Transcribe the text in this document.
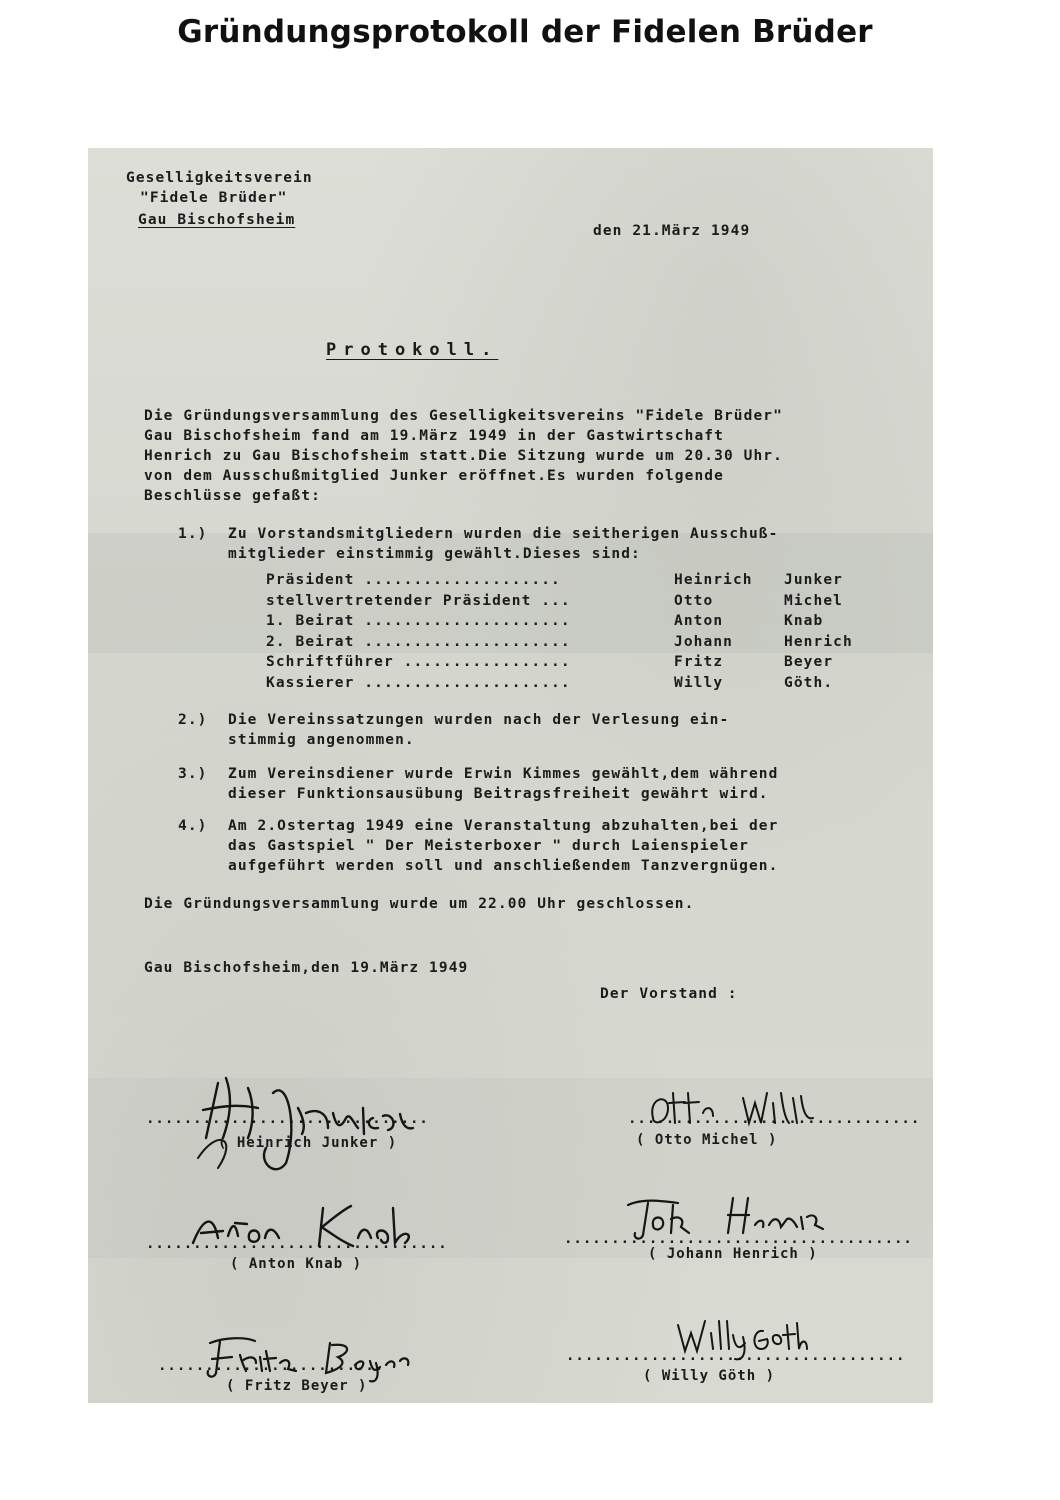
Gründungsprotokoll der Fidelen Brüder
Geselligkeitsverein
"Fidele Brüder"
Gau Bischofsheim
den 21.März 1949
Protokoll.
Die Gründungsversammlung des Geselligkeitsvereins "Fidele Brüder"
Gau Bischofsheim fand am 19.März 1949 in der Gastwirtschaft
Henrich zu Gau Bischofsheim statt.Die Sitzung wurde um 20.30 Uhr.
von dem Ausschußmitglied Junker eröffnet.Es wurden folgende
Beschlüsse gefaßt:
1.) Zu Vorstandsmitgliedern wurden die seitherigen Ausschuß-
mitglieder einstimmig gewählt.Dieses sind:
Präsident ....................	Heinrich Junker
stellvertretender Präsident ...	Otto	Michel
1. Beirat .....................	Anton	Knab
2. Beirat .....................	Johann	Henrich
Schriftführer .................	Fritz	Beyer
Kassierer .....................	Willy	Göth.
2.) Die Vereinssatzungen wurden nach der Verlesung ein-
stimmig angenommen.
3.) Zum Vereinsdiener wurde Erwin Kimmes gewählt,dem während
dieser Funktionsausübung Beitragsfreiheit gewährt wird.
4.) Am 2.Ostertag 1949 eine Veranstaltung abzuhalten,bei der
das Gastspiel " Der Meisterboxer " durch Laienspieler
aufgeführt werden soll und anschließendem Tanzvergnügen.
Die Gründungsversammlung wurde um 22.00 Uhr geschlossen.
Gau Bischofsheim,den 19.März 1949
Der Vorstand :
..............................
( Heinrich Junker )
...............................
( Otto Michel )
................................
( Anton Knab )
.....................................
( Johann Henrich )
........................
( Fritz Beyer )
....................................
( Willy Göth )
